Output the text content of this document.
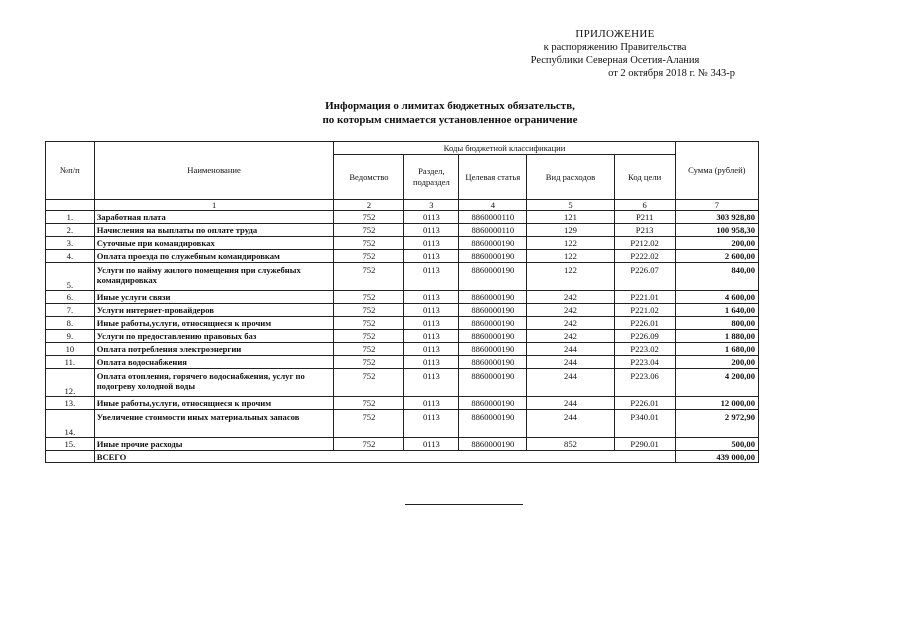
ПРИЛОЖЕНИЕ
к распоряжению Правительства
Республики Северная Осетия-Алания
от 2 октября 2018 г. № 343-р
Информация о лимитах бюджетных обязательств,
по которым снимается установленное ограничение
№п/п	Наименование	Коды бюджетной классификации					Сумма (рублей)
		Ведомство	Раздел, подраздел	Целевая статья	Вид расходов	Код цели	
	1	2	3	4	5	6	7
1.	Заработная плата	752	0113	8860000110	121	P211	303 928,80
2.	Начисления на выплаты по оплате труда	752	0113	8860000110	129	P213	100 958,30
3.	Суточные при командировках	752	0113	8860000190	122	P212.02	200,00
4.	Оплата проезда по служебным командировкам	752	0113	8860000190	122	P222.02	2 600,00
5.	Услуги по найму жилого помещения при служебных командировках	752	0113	8860000190	122	P226.07	840,00
6.	Иные услуги связи	752	0113	8860000190	242	P221.01	4 600,00
7.	Услуги интернет-провайдеров	752	0113	8860000190	242	P221.02	1 640,00
8.	Иные работы,услуги, относящиеся к прочим	752	0113	8860000190	242	P226.01	800,00
9.	Услуги по предоставлению правовых баз	752	0113	8860000190	242	P226.09	1 880,00
10	Оплата потребления электроэнергии	752	0113	8860000190	244	P223.02	1 680,00
11.	Оплата водоснабжения	752	0113	8860000190	244	P223.04	200,00
12.	Оплата отопления, горячего водоснабжения, услуг по подогреву холодной воды	752	0113	8860000190	244	P223.06	4 200,00
13.	Иные работы,услуги, относящиеся к прочим	752	0113	8860000190	244	P226.01	12 000,00
14.	Увеличение стоимости иных материальных запасов	752	0113	8860000190	244	P340.01	2 972,90
15.	Иные прочие расходы	752	0113	8860000190	852	P290.01	500,00
	ВСЕГО						439 000,00
